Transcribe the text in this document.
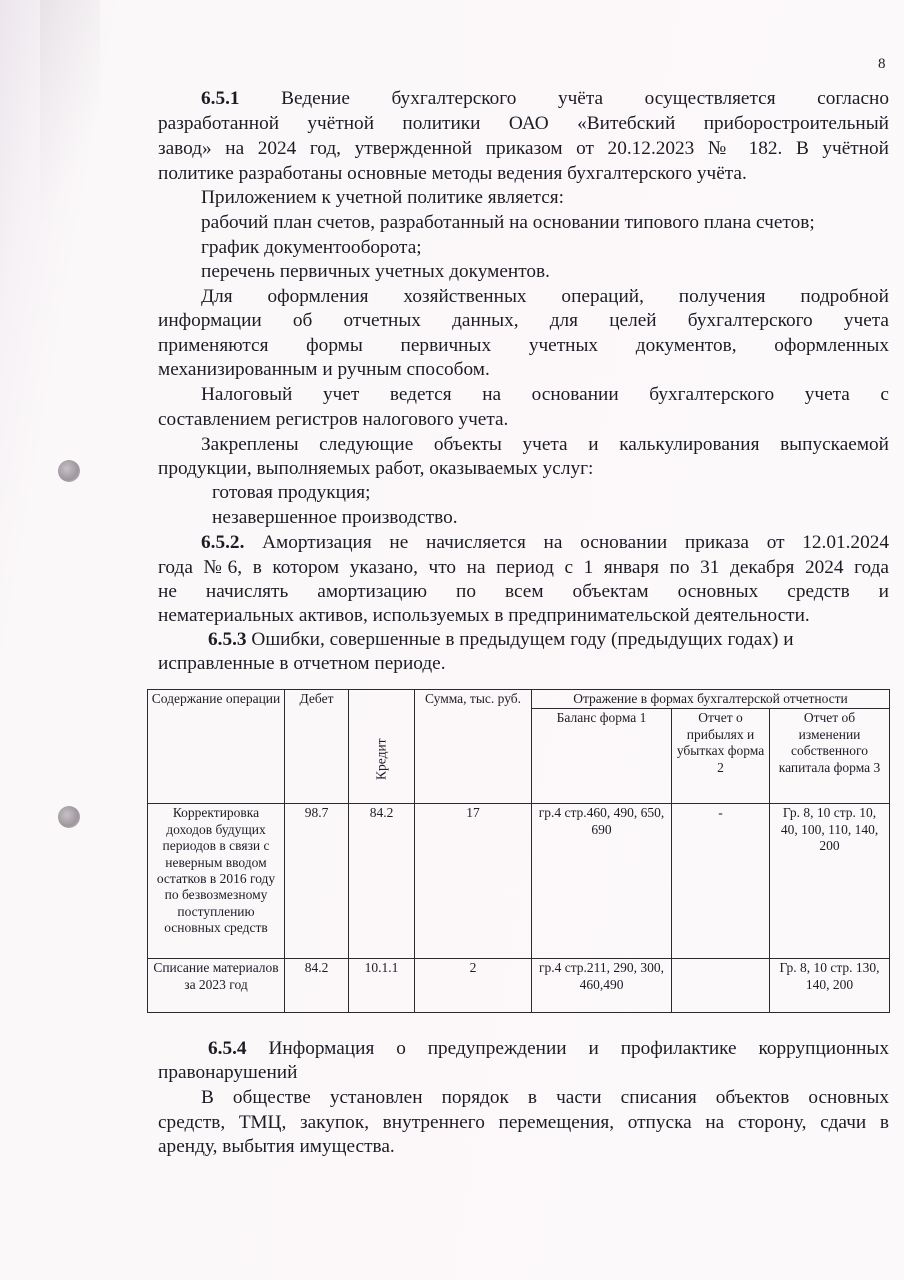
8

6.5.1 Ведение бухгалтерского учёта осуществляется согласно

разработанной учётной политики ОАО «Витебский приборостроительный

завод» на 2024 год, утвержденной приказом от 20.12.2023 № 182. В учётной

политике разработаны основные методы ведения бухгалтерского учёта.

Приложением к учетной политике является:

рабочий план счетов, разработанный на основании типового плана счетов;

график документооборота;

перечень первичных учетных документов.

Для оформления хозяйственных операций, получения подробной

информации об отчетных данных, для целей бухгалтерского учета

применяются формы первичных учетных документов, оформленных

механизированным и ручным способом.

Налоговый учет ведется на основании бухгалтерского учета с

составлением регистров налогового учета.

Закреплены следующие объекты учета и калькулирования выпускаемой

продукции, выполняемых работ, оказываемых услуг:

готовая продукция;

незавершенное производство.

6.5.2. Амортизация не начисляется на основании приказа от 12.01.2024

года №6, в котором указано, что на период с 1 января по 31 декабря 2024 года

не начислять амортизацию по всем объектам основных средств и

нематериальных активов, используемых в предпринимательской деятельности.

6.5.3 Ошибки, совершенные в предыдущем году (предыдущих годах) и

исправленные в отчетном периоде.

Содержание операции	Дебет	Кредит	Сумма, тыс. руб.	Отражение в формах бухгалтерской отчетности		
				Баланс форма 1	Отчет о прибылях и убытках форма 2	Отчет об изменении собственного капитала форма 3
Корректировка доходов будущих периодов в связи с неверным вводом остатков в 2016 году по безвозмезному поступлению основных средств	98.7	84.2	17	гр.4 стр.460, 490, 650, 690	-	Гр. 8, 10 стр. 10, 40, 100, 110, 140, 200
Списание материалов за 2023 год	84.2	10.1.1	2	гр.4 стр.211, 290, 300, 460,490		Гр. 8, 10 стр. 130, 140, 200

6.5.4 Информация о предупреждении и профилактике коррупционных

правонарушений

В обществе установлен порядок в части списания объектов основных

средств, ТМЦ, закупок, внутреннего перемещения, отпуска на сторону, сдачи в

аренду, выбытия имущества.
